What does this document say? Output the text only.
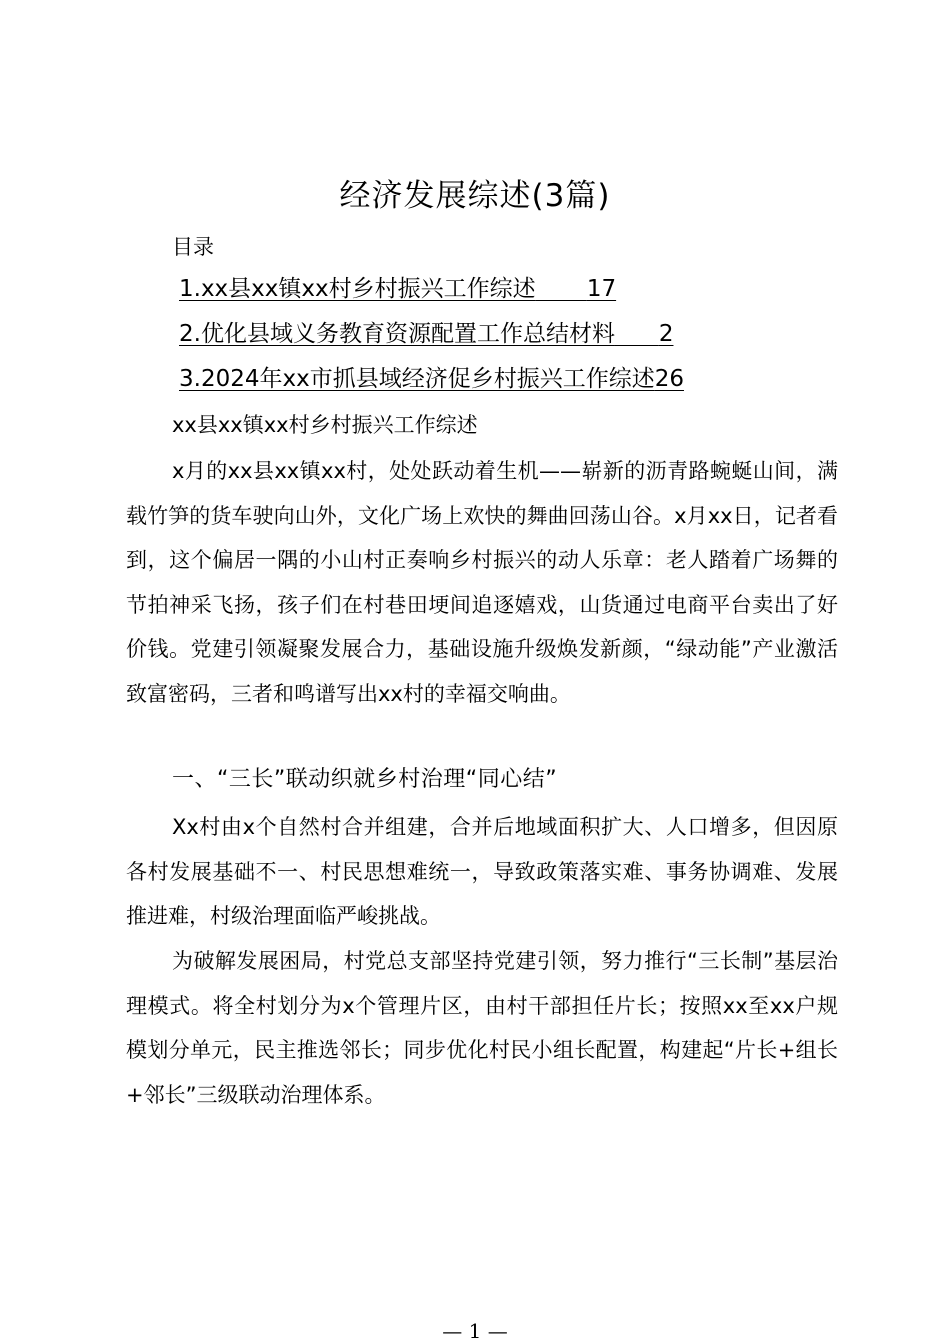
经济发展综述(3篇)
目录
1.xx县xx镇xx村乡村振兴工作综述 17
2.优化县域义务教育资源配置工作总结材料 2
3.2024年xx市抓县域经济促乡村振兴工作综述26
xx县xx镇xx村乡村振兴工作综述

x月的xx县xx镇xx村，处处跃动着生机——崭新的沥青路蜿蜒山间，满载竹笋的货车驶向山外，文化广场上欢快的舞曲回荡山谷。x月xx日，记者看到，这个偏居一隅的小山村正奏响乡村振兴的动人乐章：老人踏着广场舞的节拍神采飞扬，孩子们在村巷田埂间追逐嬉戏，山货通过电商平台卖出了好价钱。党建引领凝聚发展合力，基础设施升级焕发新颜，“绿动能”产业激活致富密码，三者和鸣谱写出xx村的幸福交响曲。

一、“三长”联动织就乡村治理“同心结”

Xx村由x个自然村合并组建，合并后地域面积扩大、人口增多，但因原各村发展基础不一、村民思想难统一，导致政策落实难、事务协调难、发展推进难，村级治理面临严峻挑战。

为破解发展困局，村党总支部坚持党建引领，努力推行“三长制”基层治理模式。将全村划分为x个管理片区，由村干部担任片长；按照xx至xx户规模划分单元，民主推选邻长；同步优化村民小组长配置，构建起“片长+组长+邻长”三级联动治理体系。

— 1 —
